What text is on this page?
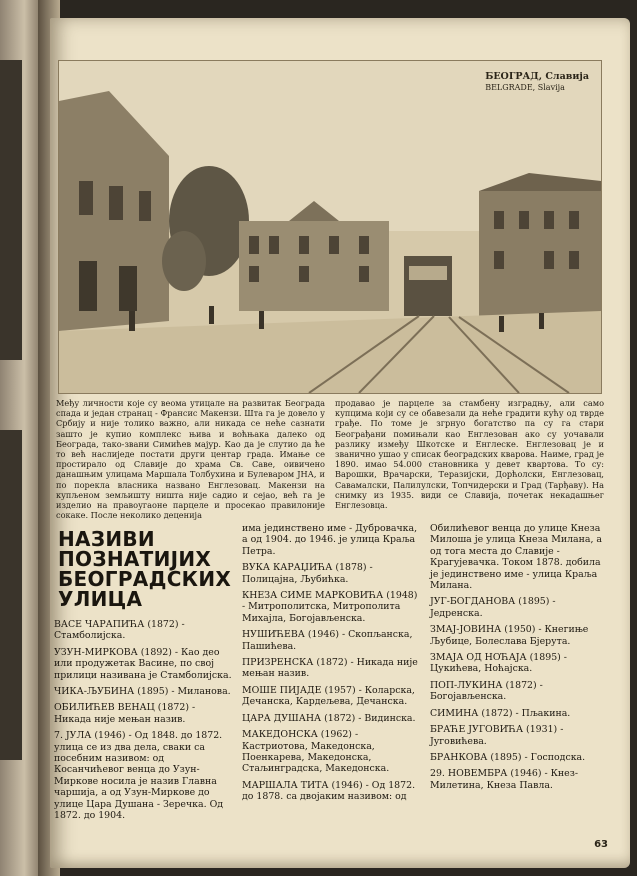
БЕОГРАД, Славија
BELGRADE, Slavija

Међу личности које су веома утицале на развитак Београда спада и један странац - Франсис Макензи. Шта га је довело у Србију и није толико важно, али никада се неће сазнати зашто је купио комплекс њива и воћњака далеко од Београда, тако-звани Симићев мајур. Као да је слутио да ће то већ наслиједе постати други центар града. Имање се простирало од Славије до храма Св. Саве, оивичено данашњим улицама Маршала Толбухина и Булеваром ЈНА, и по порекла власника названо Енглезовац. Макензи на купљеном земљишту ништа није садио и сејао, већ га је изделио на правоугаоне парцеле и просекао правилоније сокаке. После неколико деценија

продавао је парцеле за стамбену изградњу, али само купцима који су се обавезали да неће градити кућу од тврде грађе. По томе је згрнуо богатство па су га стари Београђани помињали као Енглезован ако су уочавали разлику између Шкотске и Енглеске. Енглезовац је и званично ушао у списак београдских кварова. Наиме, град је 1890. имао 54.000 становника у девет квартова. То су: Варошки, Врачарски, Теразијски, Дорћолски, Енглезовац, Савамалски, Палилулски, Топчидерски и Град (Тарђаву). На снимку из 1935. види се Славија, почетак некадашњег Енглезовца.

НАЗИВИ
ПОЗНАТИЈИХ
БЕОГРАДСКИХ
УЛИЦА

ВАСЕ ЧАРАПИЋА (1872) - Стамболијска.

УЗУН-МИРКОВА (1892) - Као део или продужетак Васине, по свој прилици називана је Стамболијска.

ЧИКА-ЉУБИНА (1895) - Миланова.

ОБИЛИЋЕВ ВЕНАЦ (1872) - Никада није мењан назив.

7. ЈУЛА (1946) - Од 1848. до 1872. улица се из два дела, сваки са посебним називом: од Косанчићевог венца до Узун-Мирковe носила је назив Главна чаршија, а од Узун-Мирковe до улице Цара Душана - Зеречка. Од 1872. до 1904.

има јединствено име - Дубровачка, а од 1904. до 1946. је улица Краља Петра.

ВУКА КАРАЏИЋА (1878) - Полицајна, Љубићка.

КНЕЗА СИМЕ МАРКОВИЋА (1948) - Митрополитска, Митрополита Михајла, Богојављенска.

НУШИЋЕВА (1946) - Скопљанска, Пашићева.

ПРИЗРЕНСКА (1872) - Никада није мењан назив.

МОШЕ ПИЈАДЕ (1957) - Коларска, Дечанска, Кардељева, Дечанска.

ЦАРА ДУШАНА (1872) - Видинска.

МАКЕДОНСКА (1962) - Кастриотова, Македонска, Поенкарева, Македонска, Стаљинградска, Македонска.

МАРШАЛА ТИТА (1946) - Од 1872. до 1878. са двојаким називом: од

Обилићевог венца до улице Кнеза Милоша је улица Кнеза Милана, а од тога места до Славије - Крагујевачка. Током 1878. добила је јединствено име - улица Краља Милана.

ЈУГ-БОГДАНОВА (1895) - Једренска.

ЗМАЈ-ЈОВИНА (1950) - Кнегиње Љубице, Болеслава Бјерута.

ЗМАЈА ОД НОЋАЈА (1895) - Цукићева, Ноћајска.

ПОП-ЛУКИНА (1872) - Богојављенска.

СИМИНА (1872) - Пљакина.

БРАЋЕ ЈУГОВИЋА (1931) - Југовићева.

БРАНКОВА (1895) - Господска.

29. НОВЕМБРА (1946) - Кнез-Милетина, Кнеза Павла.

63
